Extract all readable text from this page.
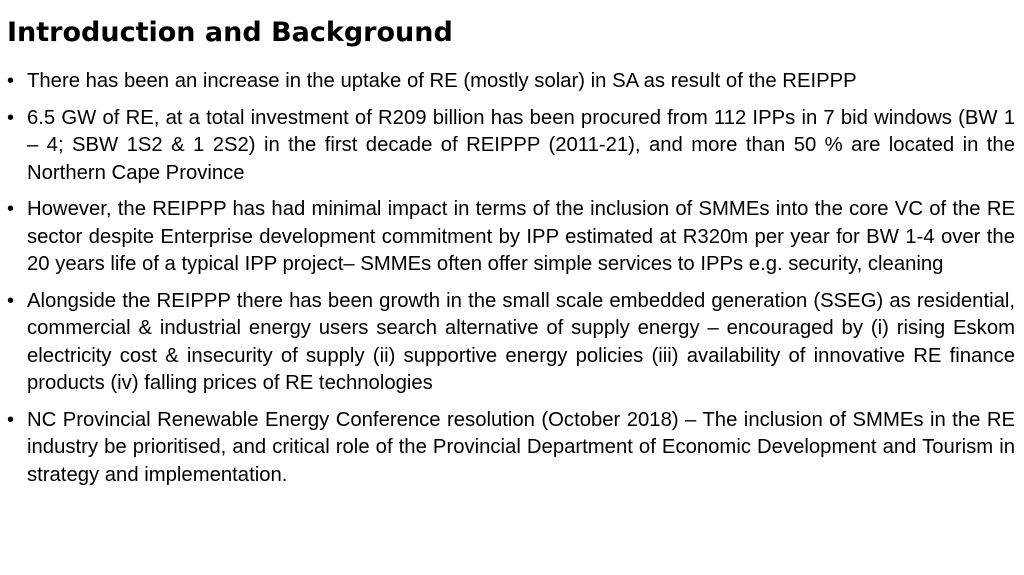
Introduction and Background
• There has been an increase in the uptake of RE (mostly solar) in SA as result of the REIPPP
• 6.5 GW of RE, at a total investment of R209 billion has been procured from 112 IPPs in 7 bid windows (BW 1 – 4; SBW 1S2 & 1 2S2) in the first decade of REIPPP (2011-21), and more than 50 % are located in the Northern Cape Province
• However, the REIPPP has had minimal impact in terms of the inclusion of SMMEs into the core VC of the RE sector despite Enterprise development commitment by IPP estimated at R320m per year for BW 1-4 over the 20 years life of a typical IPP project– SMMEs often offer simple services to IPPs e.g. security, cleaning
• Alongside the REIPPP there has been growth in the small scale embedded generation (SSEG) as residential, commercial & industrial energy users search alternative of supply energy – encouraged by (i) rising Eskom electricity cost & insecurity of supply (ii) supportive energy policies (iii) availability of innovative RE finance products (iv) falling prices of RE technologies
• NC Provincial Renewable Energy Conference resolution (October 2018) – The inclusion of SMMEs in the RE industry be prioritised, and critical role of the Provincial Department of Economic Development and Tourism in strategy and implementation.
